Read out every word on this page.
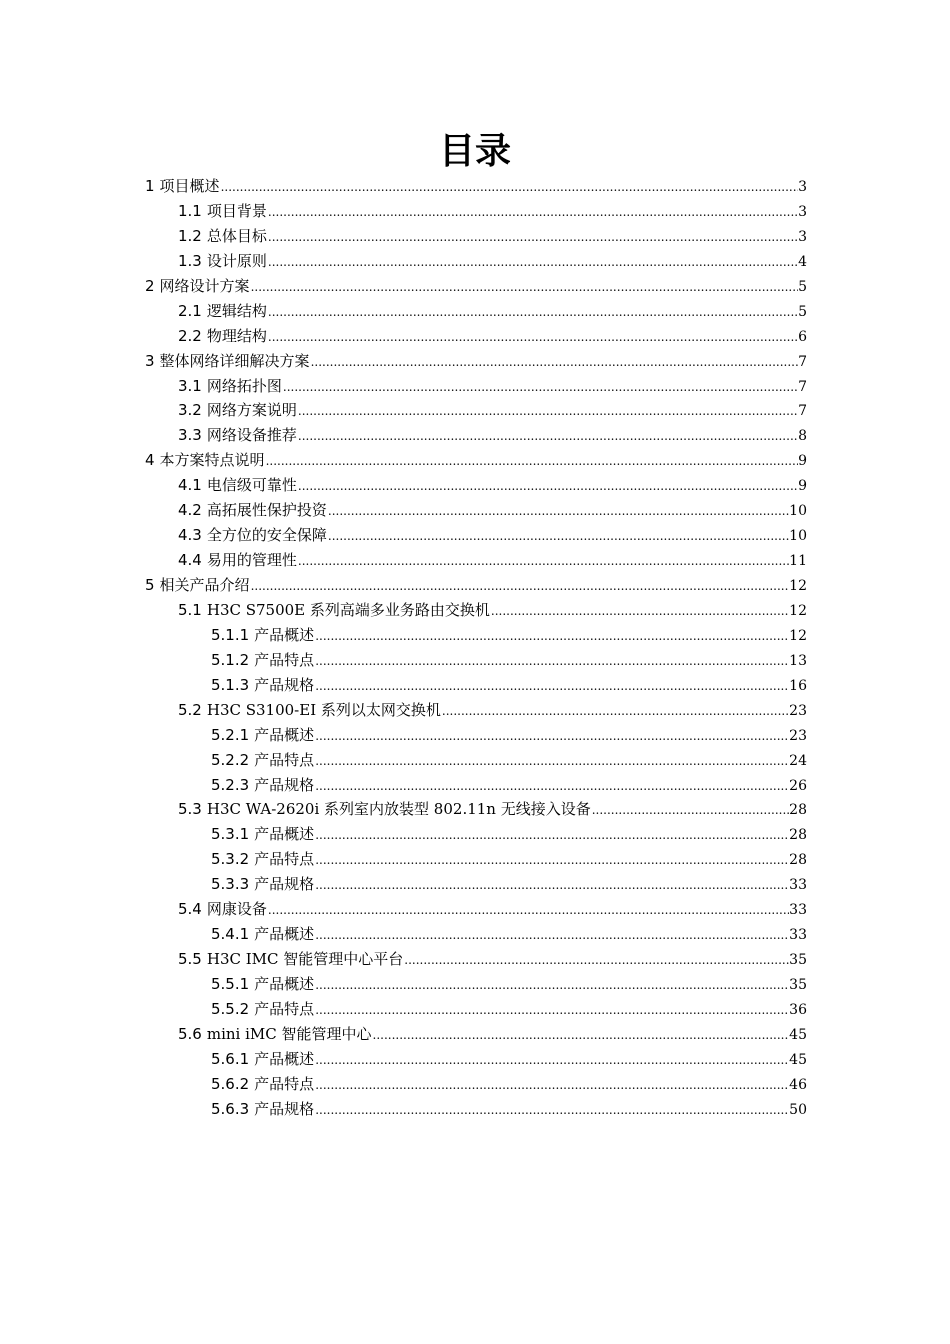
目录
1 项目概述 .....	3
1.1 项目背景 .....	3
1.2 总体目标 .....	3
1.3 设计原则 .....	4
2 网络设计方案 .....	5
2.1 逻辑结构 .....	5
2.2 物理结构 .....	6
3 整体网络详细解决方案 .....	7
3.1 网络拓扑图 .....	7
3.2 网络方案说明 .....	7
3.3 网络设备推荐 .....	8
4 本方案特点说明 .....	9
4.1 电信级可靠性 .....	9
4.2 高拓展性保护投资 .....	10
4.3 全方位的安全保障 .....	10
4.4 易用的管理性 .....	11
5 相关产品介绍 .....	12
5.1 H3C S7500E 系列高端多业务路由交换机 .....	12
5.1.1 产品概述 .....	12
5.1.2 产品特点 .....	13
5.1.3 产品规格 .....	16
5.2 H3C S3100-EI 系列以太网交换机 .....	23
5.2.1 产品概述 .....	23
5.2.2 产品特点 .....	24
5.2.3 产品规格 .....	26
5.3 H3C WA-2620i 系列室内放装型 802.11n 无线接入设备 .....	28
5.3.1 产品概述 .....	28
5.3.2 产品特点 .....	28
5.3.3 产品规格 .....	33
5.4 网康设备 .....	33
5.4.1 产品概述 .....	33
5.5 H3C IMC 智能管理中心平台 .....	35
5.5.1 产品概述 .....	35
5.5.2 产品特点 .....	36
5.6 mini iMC 智能管理中心 .....	45
5.6.1 产品概述 .....	45
5.6.2 产品特点 .....	46
5.6.3 产品规格 .....	50
